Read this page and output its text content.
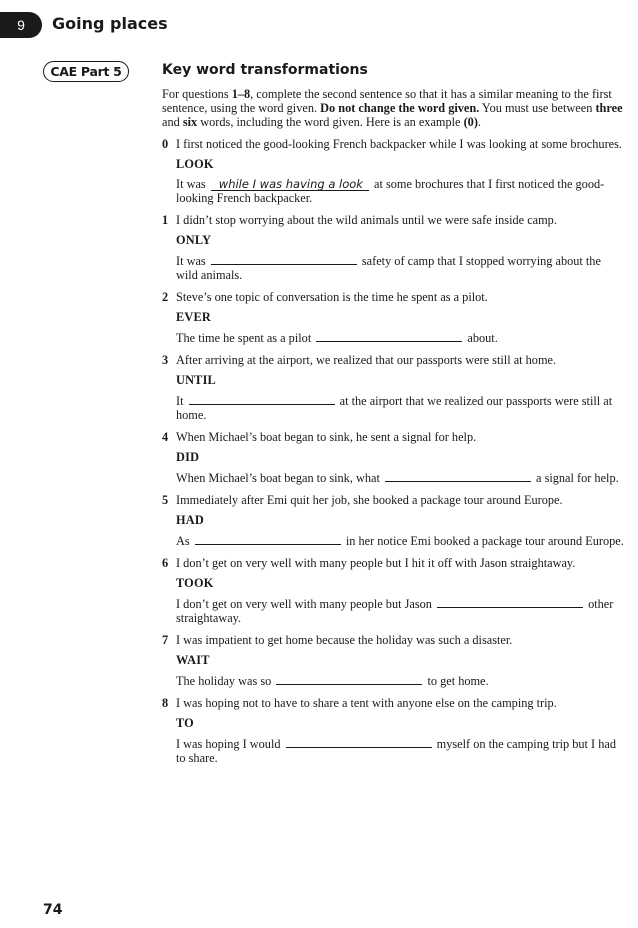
9 Going places
CAE Part 5	Key word transformations

For questions 1–8, complete the second sentence so that it has a similar meaning to the first sentence, using the word given. Do not change the word given. You must use between three and six words, including the word given. Here is an example (0).

0 I first noticed the good-looking French backpacker while I was looking at some brochures.
LOOK
It was while I was having a look at some brochures that I first noticed the good-looking French backpacker.
1 I didn’t stop worrying about the wild animals until we were safe inside camp.
ONLY
It was	safety of camp that I stopped worrying about the wild animals.
2 Steve’s one topic of conversation is the time he spent as a pilot.
EVER
The time he spent as a pilot	about.
3 After arriving at the airport, we realized that our passports were still at home.
UNTIL
It	at the airport that we realized our passports were still at home.
4 When Michael’s boat began to sink, he sent a signal for help.
DID
When Michael’s boat began to sink, what	a signal for help.
5 Immediately after Emi quit her job, she booked a package tour around Europe.
HAD
As	in her notice Emi booked a package tour around Europe.
6 I don’t get on very well with many people but I hit it off with Jason straightaway.
TOOK
I don’t get on very well with many people but Jason	other straightaway.
7 I was impatient to get home because the holiday was such a disaster.
WAIT
The holiday was so	to get home.
8 I was hoping not to have to share a tent with anyone else on the camping trip.
TO
I was hoping I would	myself on the camping trip but I had to share.
74
